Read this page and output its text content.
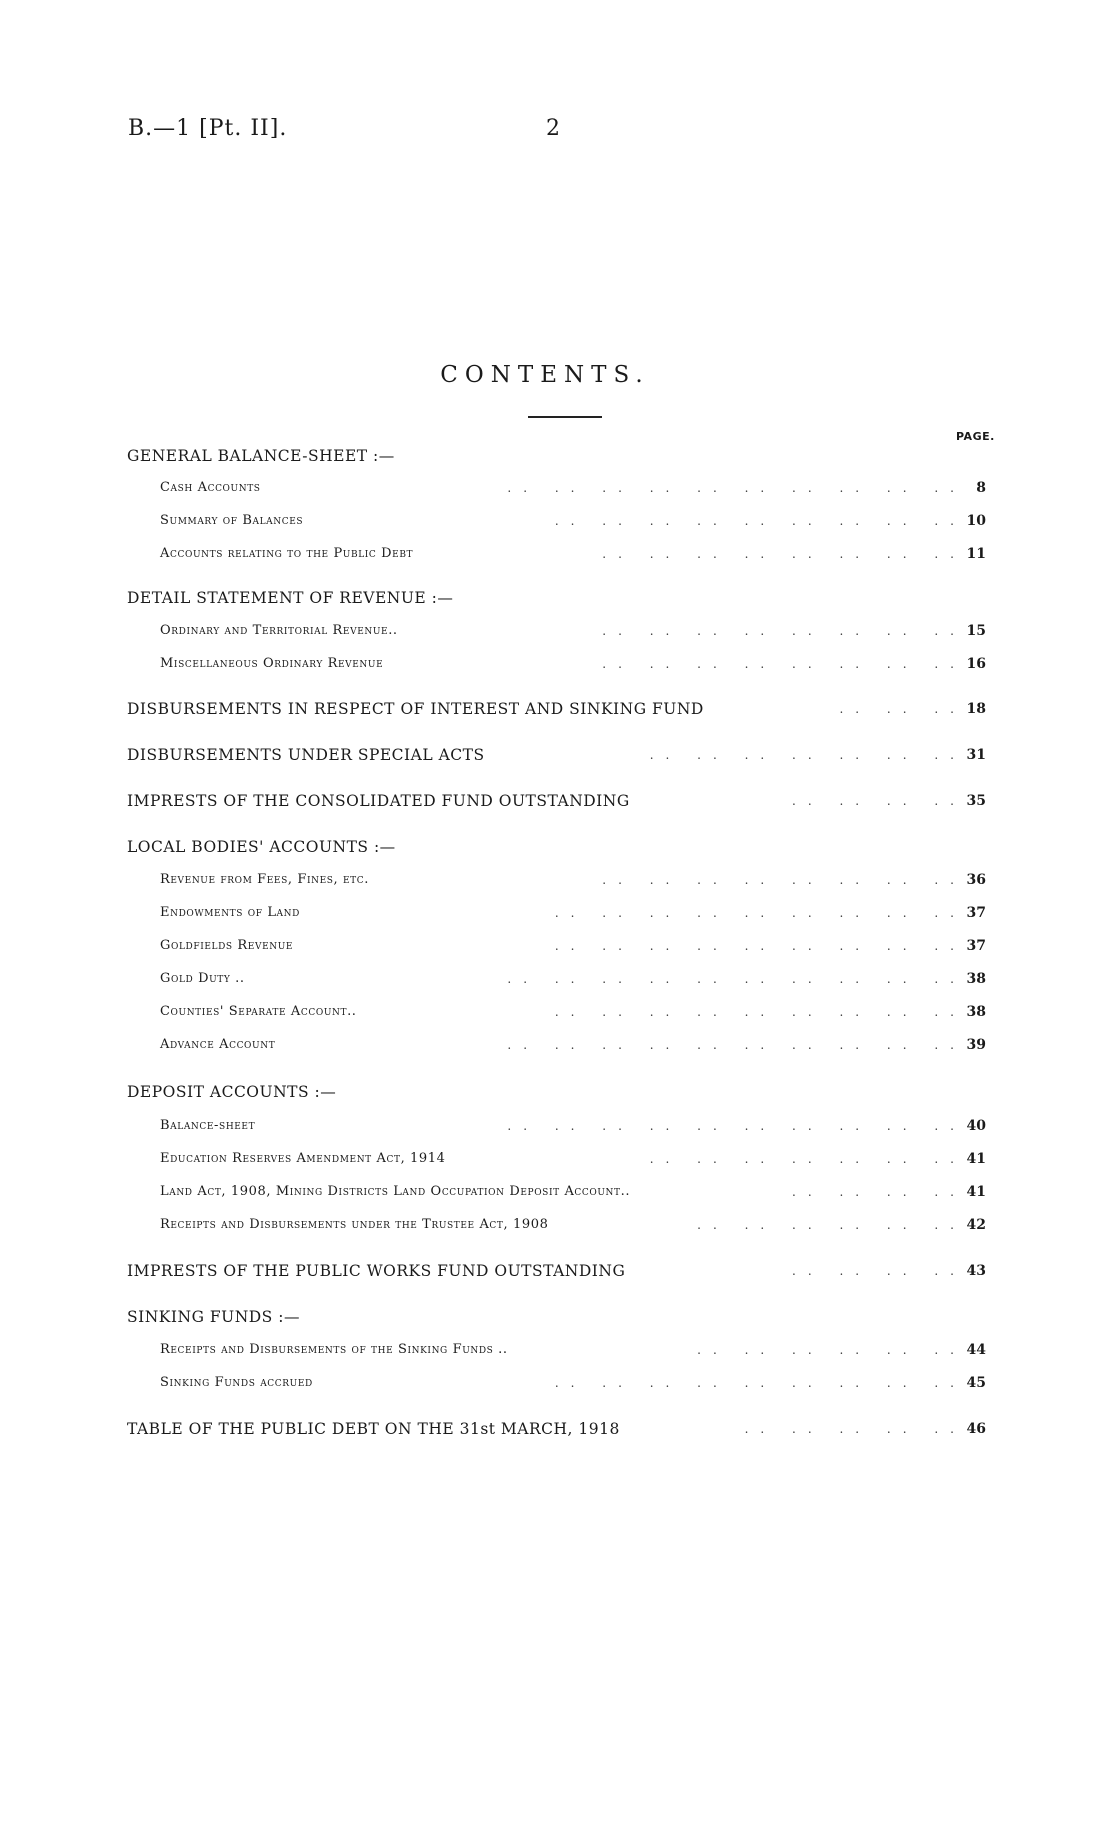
B.—1 [Pt. II].	2
CONTENTS.
PAGE.
GENERAL BALANCE-SHEET :—
Cash Accounts	.. .. .. .. .. .. .. .. .. .. 8
Summary of Balances	.. .. .. .. .. .. .. .. .. 10
Accounts relating to the Public Debt	.. .. .. .. .. .. .. .. 11
DETAIL STATEMENT OF REVENUE :—
Ordinary and Territorial Revenue..	.. .. .. .. .. .. .. .. 15
Miscellaneous Ordinary Revenue	.. .. .. .. .. .. .. .. 16
DISBURSEMENTS IN RESPECT OF INTEREST AND SINKING FUND	.. .. .. 18
DISBURSEMENTS UNDER SPECIAL ACTS	.. .. .. .. .. .. .. 31
IMPRESTS OF THE CONSOLIDATED FUND OUTSTANDING	.. .. .. .. 35
LOCAL BODIES' ACCOUNTS :—
Revenue from Fees, Fines, etc.	.. .. .. .. .. .. .. .. 36
Endowments of Land	.. .. .. .. .. .. .. .. .. 37
Goldfields Revenue	.. .. .. .. .. .. .. .. .. 37
Gold Duty ..	.. .. .. .. .. .. .. .. .. .. 38
Counties' Separate Account..	.. .. .. .. .. .. .. .. .. 38
Advance Account	.. .. .. .. .. .. .. .. .. .. 39
DEPOSIT ACCOUNTS :—
Balance-sheet	.. .. .. .. .. .. .. .. .. .. 40
Education Reserves Amendment Act, 1914	.. .. .. .. .. .. .. 41
Land Act, 1908, Mining Districts Land Occupation Deposit Account..	.. .. .. .. 41
Receipts and Disbursements under the Trustee Act, 1908	.. .. .. .. .. .. 42
IMPRESTS OF THE PUBLIC WORKS FUND OUTSTANDING	.. .. .. .. 43
SINKING FUNDS :—
Receipts and Disbursements of the Sinking Funds ..	.. .. .. .. .. .. 44
Sinking Funds accrued	.. .. .. .. .. .. .. .. .. 45
TABLE OF THE PUBLIC DEBT ON THE 31st MARCH, 1918	.. .. .. .. .. 46
